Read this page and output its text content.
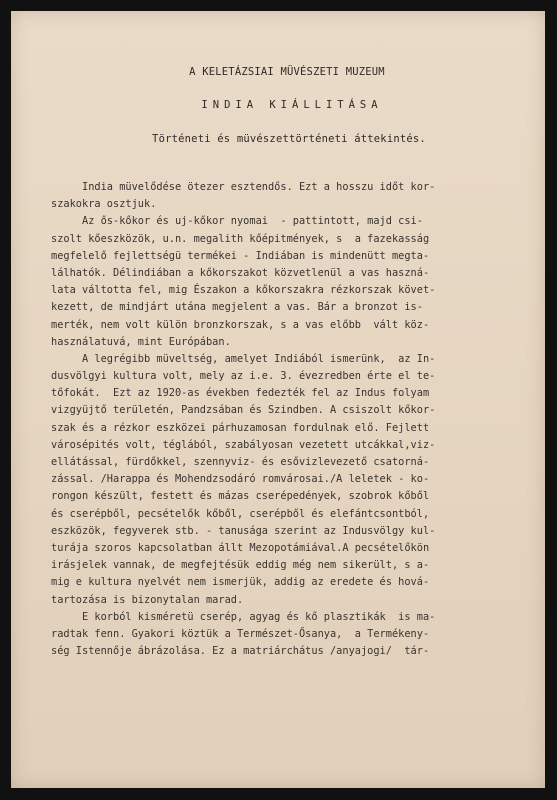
A KELETÁZSIAI MÜVÉSZETI MUZEUM
INDIA KIÁLLITÁSA
Történeti és müvészettörténeti áttekintés.
India müvelődése ötezer esztendős. Ezt a hosszu időt kor-
szakokra osztjuk.
Az ős-kőkor és uj-kőkor nyomai  - pattintott, majd csi-
szolt kőeszközök, u.n. megalith kőépitmények, s  a fazekasság
megfelelő fejlettségü termékei - Indiában is mindenütt megta-
lálhatók. Délindiában a kőkorszakot közvetlenül a vas haszná-
lata váltotta fel, mig Északon a kőkorszakra rézkorszak követ-
kezett, de mindjárt utána megjelent a vas. Bár a bronzot is-
merték, nem volt külön bronzkorszak, s a vas előbb  vált köz-
használatuvá, mint Európában.
A legrégibb müveltség, amelyet Indiából ismerünk,  az In-
dusvölgyi kultura volt, mely az i.e. 3. évezredben érte el te-
tőfokát.  Ezt az 1920-as években fedezték fel az Indus folyam
vizgyüjtő területén, Pandzsában és Szindben. A csiszolt kőkor-
szak és a rézkor eszközei párhuzamosan fordulnak elő. Fejlett
városépités volt, téglából, szabályosan vezetett utcákkal,viz-
ellátással, fürdőkkel, szennyviz- és esővizlevezető csatorná-
zással. /Harappa és Mohendzsodáró romvárosai./A leletek - ko-
rongon készült, festett és mázas cserépedények, szobrok kőből
és cserépből, pecsételők kőből, cserépből és elefántcsontból,
eszközök, fegyverek stb. - tanusága szerint az Indusvölgy kul-
turája szoros kapcsolatban állt Mezopotámiával.A pecsételőkön
irásjelek vannak, de megfejtésük eddig még nem sikerült, s a-
mig e kultura nyelvét nem ismerjük, addig az eredete és hová-
tartozása is bizonytalan marad.
E korból kisméretü cserép, agyag és kő plasztikák  is ma-
radtak fenn. Gyakori köztük a Természet-Ősanya,  a Termékeny-
ség Istennője ábrázolása. Ez a matriárchátus /anyajogi/  tár-
